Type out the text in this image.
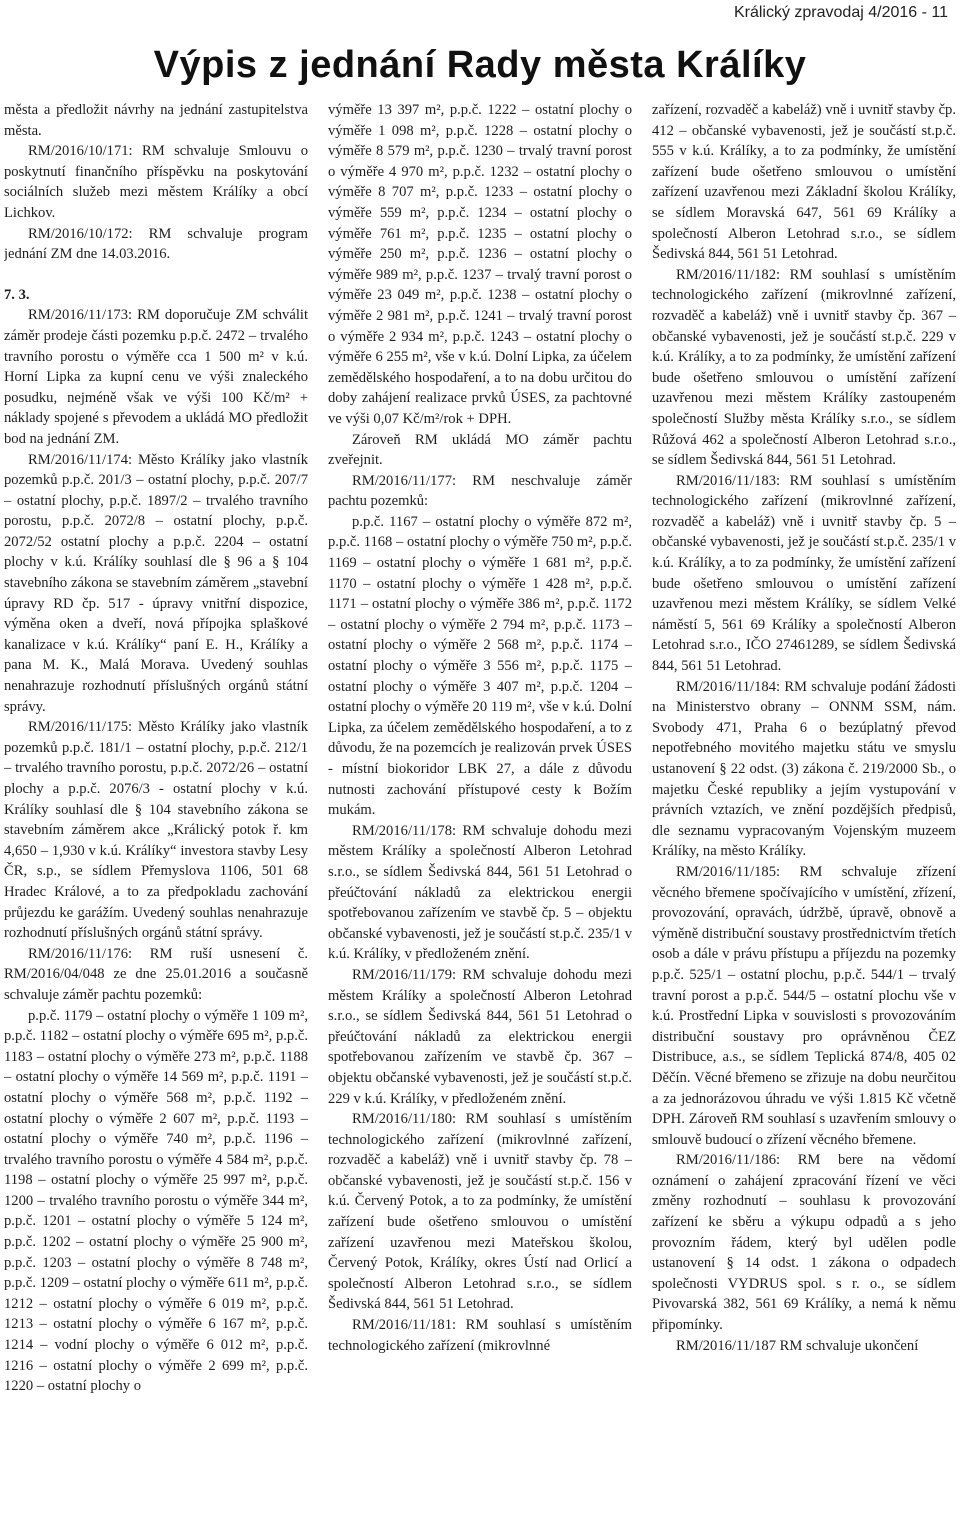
Králický zpravodaj 4/2016 - 11
Výpis z jednání Rady města Králíky

města a předložit návrhy na jednání zastupitelstva města.

RM/2016/10/171: RM schvaluje Smlouvu o poskytnutí finančního příspěvku na poskytování sociálních služeb mezi městem Králíky a obcí Lichkov.

RM/2016/10/172: RM schvaluje program jednání ZM dne 14.03.2016.

7. 3.

RM/2016/11/173: RM doporučuje ZM schválit záměr prodeje části pozemku p.p.č. 2472 – trvalého travního porostu o výměře cca 1 500 m² v k.ú. Horní Lipka za kupní cenu ve výši znaleckého posudku, nejméně však ve výši 100 Kč/m² + náklady spojené s převodem a ukládá MO předložit bod na jednání ZM.

RM/2016/11/174: Město Králíky jako vlastník pozemků p.p.č. 201/3 – ostatní plochy, p.p.č. 207/7 – ostatní plochy, p.p.č. 1897/2 – trvalého travního porostu, p.p.č. 2072/8 – ostatní plochy, p.p.č. 2072/52 ostatní plochy a p.p.č. 2204 – ostatní plochy v k.ú. Králíky souhlasí dle § 96 a § 104 stavebního zákona se stavebním záměrem „stavební úpravy RD čp. 517 - úpravy vnitřní dispozice, výměna oken a dveří, nová přípojka splaškové kanalizace v k.ú. Králíky“ paní E. H., Králíky a pana M. K., Malá Morava. Uvedený souhlas nenahrazuje rozhodnutí příslušných orgánů státní správy.

RM/2016/11/175: Město Králíky jako vlastník pozemků p.p.č. 181/1 – ostatní plochy, p.p.č. 212/1 – trvalého travního porostu, p.p.č. 2072/26 – ostatní plochy a p.p.č. 2076/3 - ostatní plochy v k.ú. Králíky souhlasí dle § 104 stavebního zákona se stavebním záměrem akce „Králický potok ř. km 4,650 – 1,930 v k.ú. Králíky“ investora stavby Lesy ČR, s.p., se sídlem Přemyslova 1106, 501 68 Hradec Králové, a to za předpokladu zachování průjezdu ke garážím. Uvedený souhlas nenahrazuje rozhodnutí příslušných orgánů státní správy.

RM/2016/11/176: RM ruší usnesení č. RM/2016/04/048 ze dne 25.01.2016 a současně schvaluje záměr pachtu pozemků:

p.p.č. 1179 – ostatní plochy o výměře 1 109 m², p.p.č. 1182 – ostatní plochy o výměře 695 m², p.p.č. 1183 – ostatní plochy o výměře 273 m², p.p.č. 1188 – ostatní plochy o výměře 14 569 m², p.p.č. 1191 – ostatní plochy o výměře 568 m², p.p.č. 1192 – ostatní plochy o výměře 2 607 m², p.p.č. 1193 – ostatní plochy o výměře 740 m², p.p.č. 1196 – trvalého travního porostu o výměře 4 584 m², p.p.č. 1198 – ostatní plochy o výměře 25 997 m², p.p.č. 1200 – trvalého travního porostu o výměře 344 m², p.p.č. 1201 – ostatní plochy o výměře 5 124 m², p.p.č. 1202 – ostatní plochy o výměře 25 900 m², p.p.č. 1203 – ostatní plochy o výměře 8 748 m², p.p.č. 1209 – ostatní plochy o výměře 611 m², p.p.č. 1212 – ostatní plochy o výměře 6 019 m², p.p.č. 1213 – ostatní plochy o výměře 6 167 m², p.p.č. 1214 – vodní plochy o výměře 6 012 m², p.p.č. 1216 – ostatní plochy o výměře 2 699 m², p.p.č. 1220 – ostatní plochy o

výměře 13 397 m², p.p.č. 1222 – ostatní plochy o výměře 1 098 m², p.p.č. 1228 – ostatní plochy o výměře 8 579 m², p.p.č. 1230 – trvalý travní porost o výměře 4 970 m², p.p.č. 1232 – ostatní plochy o výměře 8 707 m², p.p.č. 1233 – ostatní plochy o výměře 559 m², p.p.č. 1234 – ostatní plochy o výměře 761 m², p.p.č. 1235 – ostatní plochy o výměře 250 m², p.p.č. 1236 – ostatní plochy o výměře 989 m², p.p.č. 1237 – trvalý travní porost o výměře 23 049 m², p.p.č. 1238 – ostatní plochy o výměře 2 981 m², p.p.č. 1241 – trvalý travní porost o výměře 2 934 m², p.p.č. 1243 – ostatní plochy o výměře 6 255 m², vše v k.ú. Dolní Lipka, za účelem zemědělského hospodaření, a to na dobu určitou do doby zahájení realizace prvků ÚSES, za pachtovné ve výši 0,07 Kč/m²/rok + DPH.

Zároveň RM ukládá MO záměr pachtu zveřejnit.

RM/2016/11/177: RM neschvaluje záměr pachtu pozemků:

p.p.č. 1167 – ostatní plochy o výměře 872 m², p.p.č. 1168 – ostatní plochy o výměře 750 m², p.p.č. 1169 – ostatní plochy o výměře 1 681 m², p.p.č. 1170 – ostatní plochy o výměře 1 428 m², p.p.č. 1171 – ostatní plochy o výměře 386 m², p.p.č. 1172 – ostatní plochy o výměře 2 794 m², p.p.č. 1173 – ostatní plochy o výměře 2 568 m², p.p.č. 1174 – ostatní plochy o výměře 3 556 m², p.p.č. 1175 – ostatní plochy o výměře 3 407 m², p.p.č. 1204 – ostatní plochy o výměře 20 119 m², vše v k.ú. Dolní Lipka, za účelem zemědělského hospodaření, a to z důvodu, že na pozemcích je realizován prvek ÚSES - místní biokoridor LBK 27, a dále z důvodu nutnosti zachování přístupové cesty k Božím mukám.

RM/2016/11/178: RM schvaluje dohodu mezi městem Králíky a společností Alberon Letohrad s.r.o., se sídlem Šedivská 844, 561 51 Letohrad o přeúčtování nákladů za elektrickou energii spotřebovanou zařízením ve stavbě čp. 5 – objektu občanské vybavenosti, jež je součástí st.p.č. 235/1 v k.ú. Králíky, v předloženém znění.

RM/2016/11/179: RM schvaluje dohodu mezi městem Králíky a společností Alberon Letohrad s.r.o., se sídlem Šedivská 844, 561 51 Letohrad o přeúčtování nákladů za elektrickou energii spotřebovanou zařízením ve stavbě čp. 367 – objektu občanské vybavenosti, jež je součástí st.p.č. 229 v k.ú. Králíky, v předloženém znění.

RM/2016/11/180: RM souhlasí s umístěním technologického zařízení (mikrovlnné zařízení, rozvaděč a kabeláž) vně i uvnitř stavby čp. 78 – občanské vybavenosti, jež je součástí st.p.č. 156 v k.ú. Červený Potok, a to za podmínky, že umístění zařízení bude ošetřeno smlouvou o umístění zařízení uzavřenou mezi Mateřskou školou, Červený Potok, Králíky, okres Ústí nad Orlicí a společností Alberon Letohrad s.r.o., se sídlem Šedivská 844, 561 51 Letohrad.

RM/2016/11/181: RM souhlasí s umístěním technologického zařízení (mikrovlnné

zařízení, rozvaděč a kabeláž) vně i uvnitř stavby čp. 412 – občanské vybavenosti, jež je součástí st.p.č. 555 v k.ú. Králíky, a to za podmínky, že umístění zařízení bude ošetřeno smlouvou o umístění zařízení uzavřenou mezi Základní školou Králíky, se sídlem Moravská 647, 561 69 Králíky a společností Alberon Letohrad s.r.o., se sídlem Šedivská 844, 561 51 Letohrad.

RM/2016/11/182: RM souhlasí s umístěním technologického zařízení (mikrovlnné zařízení, rozvaděč a kabeláž) vně i uvnitř stavby čp. 367 – občanské vybavenosti, jež je součástí st.p.č. 229 v k.ú. Králíky, a to za podmínky, že umístění zařízení bude ošetřeno smlouvou o umístění zařízení uzavřenou mezi městem Králíky zastoupeném společností Služby města Králíky s.r.o., se sídlem Růžová 462 a společností Alberon Letohrad s.r.o., se sídlem Šedivská 844, 561 51 Letohrad.

RM/2016/11/183: RM souhlasí s umístěním technologického zařízení (mikrovlnné zařízení, rozvaděč a kabeláž) vně i uvnitř stavby čp. 5 – občanské vybavenosti, jež je součástí st.p.č. 235/1 v k.ú. Králíky, a to za podmínky, že umístění zařízení bude ošetřeno smlouvou o umístění zařízení uzavřenou mezi městem Králíky, se sídlem Velké náměstí 5, 561 69 Králíky a společností Alberon Letohrad s.r.o., IČO 27461289, se sídlem Šedivská 844, 561 51 Letohrad.

RM/2016/11/184: RM schvaluje podání žádosti na Ministerstvo obrany – ONNM SSM, nám. Svobody 471, Praha 6 o bezúplatný převod nepotřebného movitého majetku státu ve smyslu ustanovení § 22 odst. (3) zákona č. 219/2000 Sb., o majetku České republiky a jejím vystupování v právních vztazích, ve znění pozdějších předpisů, dle seznamu vypracovaným Vojenským muzeem Králíky, na město Králíky.

RM/2016/11/185: RM schvaluje zřízení věcného břemene spočívajícího v umístění, zřízení, provozování, opravách, údržbě, úpravě, obnově a výměně distribuční soustavy prostřednictvím třetích osob a dále v právu přístupu a příjezdu na pozemky p.p.č. 525/1 – ostatní plochu, p.p.č. 544/1 – trvalý travní porost a p.p.č. 544/5 – ostatní plochu vše v k.ú. Prostřední Lipka v souvislosti s provozováním distribuční soustavy pro oprávněnou ČEZ Distribuce, a.s., se sídlem Teplická 874/8, 405 02 Děčín. Věcné břemeno se zřizuje na dobu neurčitou a za jednorázovou úhradu ve výši 1.815 Kč včetně DPH. Zároveň RM souhlasí s uzavřením smlouvy o smlouvě budoucí o zřízení věcného břemene.

RM/2016/11/186: RM bere na vědomí oznámení o zahájení zpracování řízení ve věci změny rozhodnutí – souhlasu k provozování zařízení ke sběru a výkupu odpadů a s jeho provozním řádem, který byl udělen podle ustanovení § 14 odst. 1 zákona o odpadech společnosti VYDRUS spol. s r. o., se sídlem Pivovarská 382, 561 69 Králíky, a nemá k němu připomínky.

RM/2016/11/187 RM schvaluje ukončení
